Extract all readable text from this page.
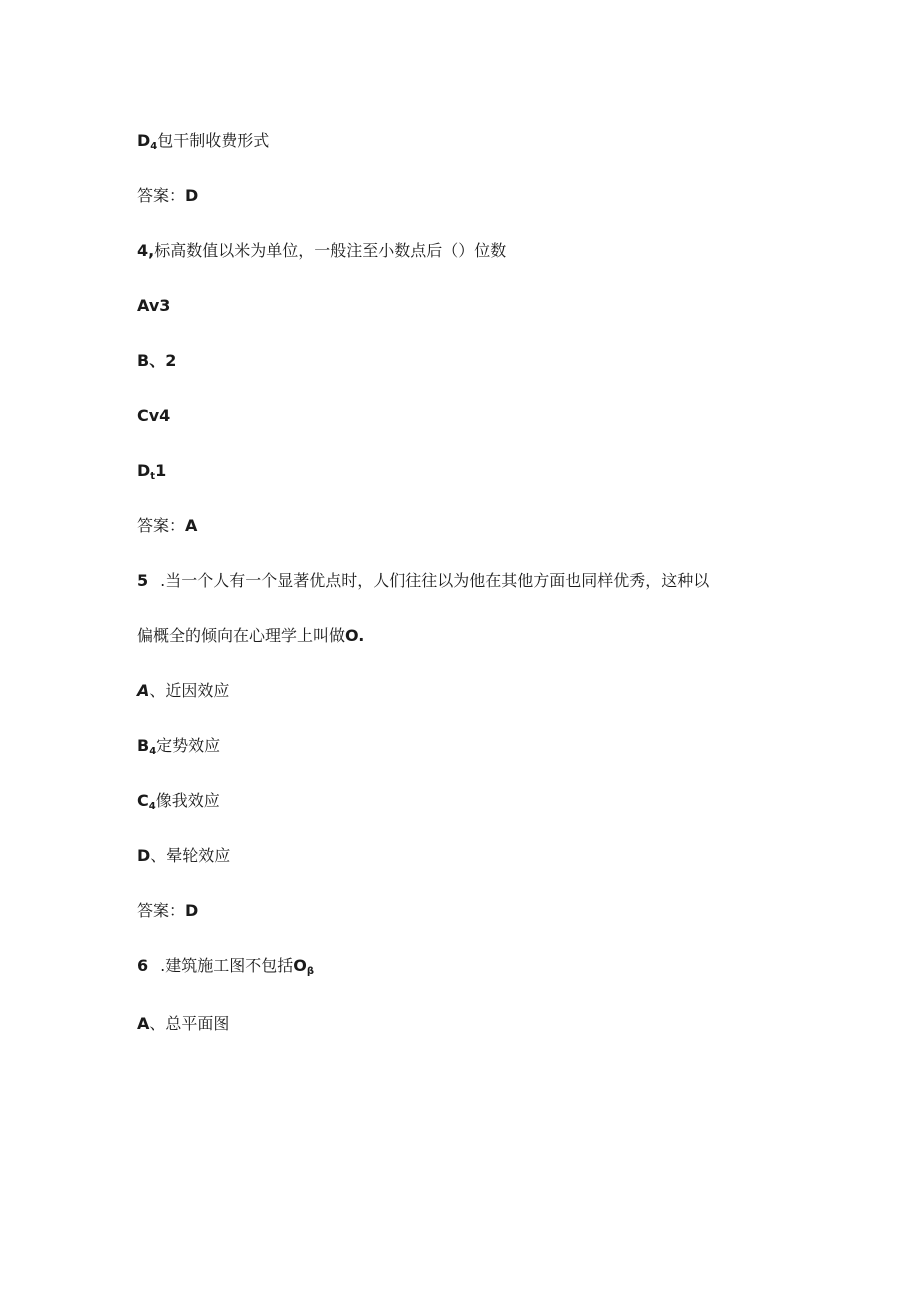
D4包干制收费形式
答案：D
4,标高数值以米为单位，一般注至小数点后（）位数
Av3
B、2
Cv4
Dt1
答案：A
5 .当一个人有一个显著优点时，人们往往以为他在其他方面也同样优秀，这种以
偏概全的倾向在心理学上叫做O.
A、近因效应
B4定势效应
C4像我效应
D、晕轮效应
答案：D
6 .建筑施工图不包括Oβ
A、总平面图
